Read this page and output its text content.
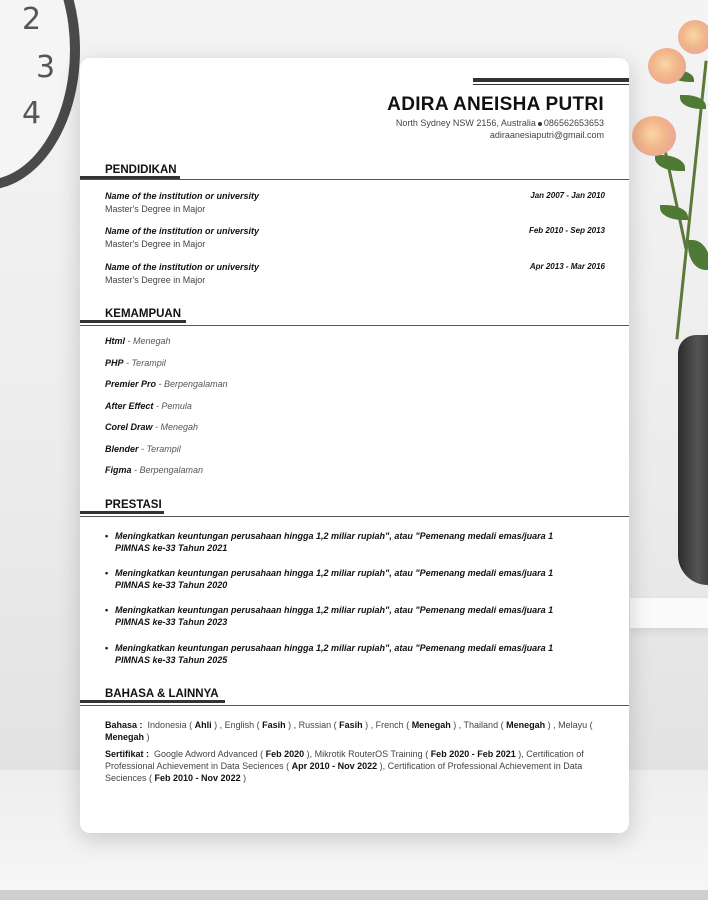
2
3
4	ADIRA ANEISHA PUTRI
North Sydney NSW 2156, Australia 086562653653
adiraanesiaputri@gmail.com
PENDIDIKAN
Name of the institution or university
Master's Degree in Major
Jan 2007 - Jan 2010
Name of the institution or university
Master's Degree in Major
Feb 2010 - Sep 2013
Name of the institution or university
Master's Degree in Major
Apr 2013 - Mar 2016
KEMAMPUAN
Html - Menegah
PHP - Terampil
Premier Pro - Berpengalaman
After Effect - Pemula
Corel Draw - Menegah
Blender - Terampil
Figma - Berpengalaman
PRESTASI
• Meningkatkan keuntungan perusahaan hingga 1,2 miliar rupiah", atau "Pemenang medali emas/juara 1
PIMNAS ke-33 Tahun 2021
• Meningkatkan keuntungan perusahaan hingga 1,2 miliar rupiah", atau "Pemenang medali emas/juara 1
PIMNAS ke-33 Tahun 2020
• Meningkatkan keuntungan perusahaan hingga 1,2 miliar rupiah", atau "Pemenang medali emas/juara 1
PIMNAS ke-33 Tahun 2023
• Meningkatkan keuntungan perusahaan hingga 1,2 miliar rupiah", atau "Pemenang medali emas/juara 1
PIMNAS ke-33 Tahun 2025
BAHASA & LAINNYA
Bahasa : Indonesia ( Ahli ) , English ( Fasih ) , Russian ( Fasih ) , French ( Menegah ) , Thailand ( Menegah ) , Melayu ( Menegah )
Sertifikat : Google Adword Advanced ( Feb 2020 ), Mikrotik RouterOS Training ( Feb 2020 - Feb 2021 ), Certification of Professional Achievement in Data Seciences ( Apr 2010 - Nov 2022 ), Certification of Professional Achievement in Data Seciences ( Feb 2010 - Nov 2022 )
